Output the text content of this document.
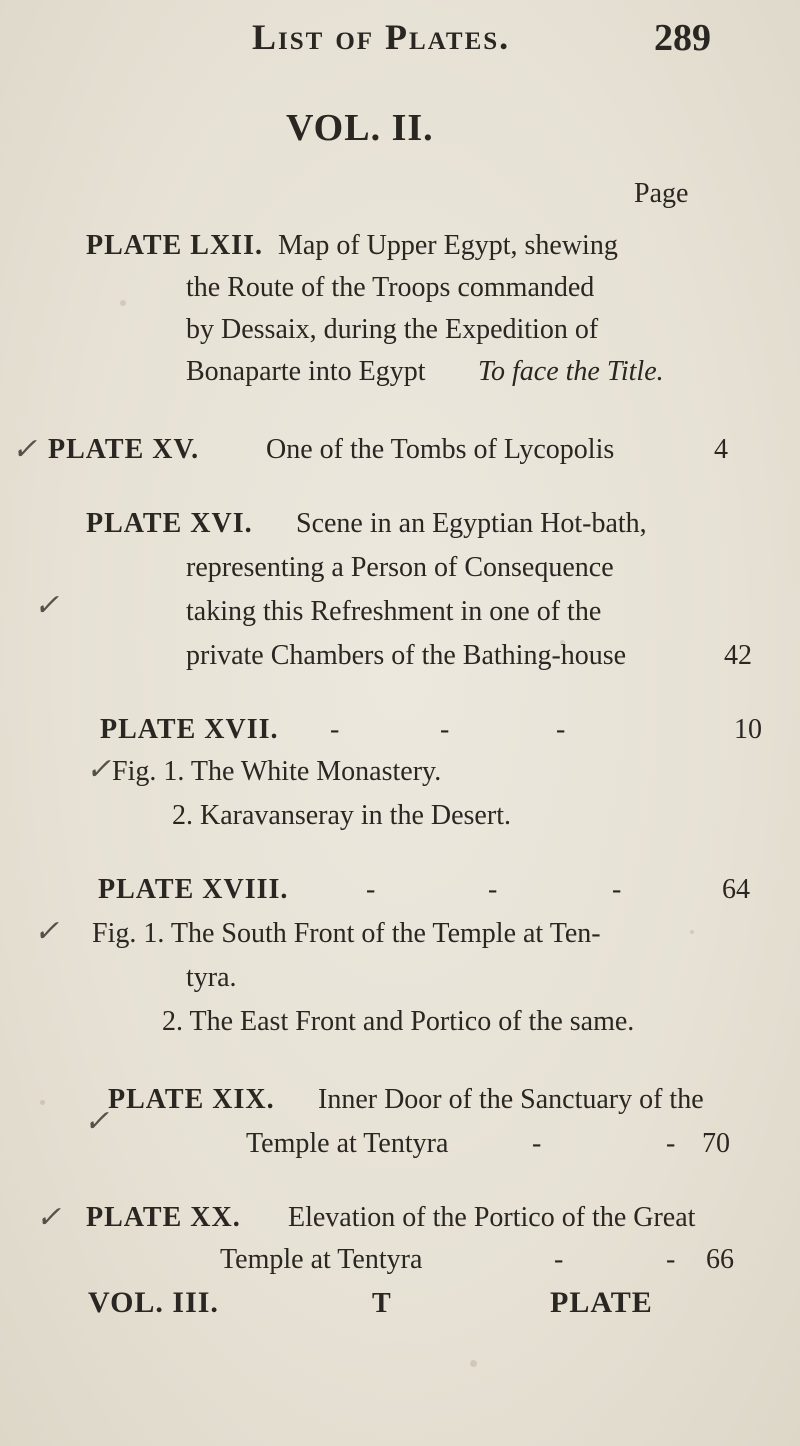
List of Plates.	289
VOL. II.
Page
PLATE LXII. Map of Upper Egypt, shewing
the Route of the Troops commanded
by Dessaix, during the Expedition of
Bonaparte into Egypt To face the Title.
✓ PLATE XV. One of the Tombs of Lycopolis	4
PLATE XVI. Scene in an Egyptian Hot-bath,
representing a Person of Consequence
✓	taking this Refreshment in one of the
private Chambers of the Bathing-house	42
PLATE XVII. -	-	-	10
✓ Fig. 1. The White Monastery.
2. Karavanseray in the Desert.
PLATE XVIII.	-	-	-	64
✓ Fig. 1. The South Front of the Temple at Ten-
tyra.
2. The East Front and Portico of the same.
PLATE XIX. Inner Door of the Sanctuary of the
✓
Temple at Tentyra	-	- 70
✓ PLATE XX. Elevation of the Portico of the Great
Temple at Tentyra	-	- 66
VOL. III.	T	PLATE
